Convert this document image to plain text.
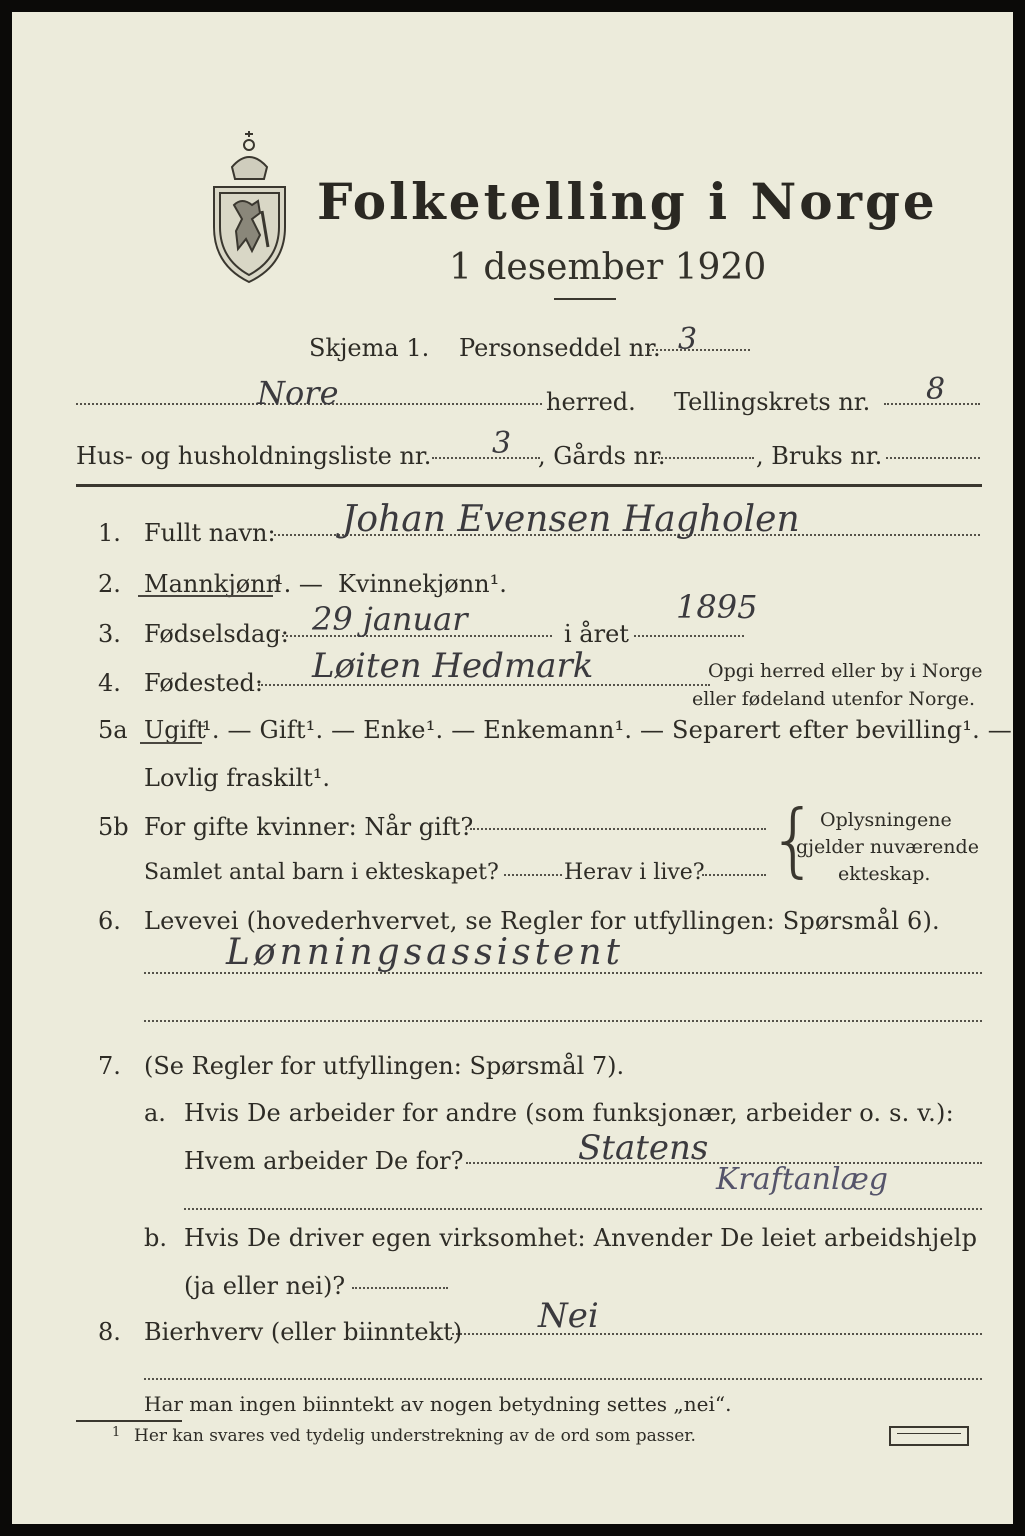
Folketelling i Norge
1 desember 1920
Skjema 1. Personseddel nr. 3
Nore	herred. Tellingskrets nr. 8
Hus- og husholdningsliste nr. 3 , Gårds nr.	, Bruks nr.
1. Fullt navn: Johan Evensen Hagholen
2. Mannkjønn
¹. — Kvinnekjønn¹.
3. Fødselsdag: 29 januar	i året
1895
4. Fødested: Løiten Hedmark	Opgi herred eller by i Norge
eller fødeland utenfor Norge.
5a Ugift
¹. — Gift¹. — Enke¹. — Enkemann¹. — Separert efter bevilling¹. —
Lovlig fraskilt¹.
5b For gifte kvinner: Når gift?
Samlet antal barn i ekteskapet?	Herav i live? { Oplysningene
gjelder nuværende
ekteskap.
6. Levevei (hovederhvervet, se Regler for utfyllingen: Spørsmål 6).
Lønningsassistent
7. (Se Regler for utfyllingen: Spørsmål 7).
a. Hvis De arbeider for andre (som funksjonær, arbeider o. s. v.):
Hvem arbeider De for?	Statens
Kraftanlæg
b. Hvis De driver egen virksomhet: Anvender De leiet arbeidshjelp
(ja eller nei)?
8. Bierhverv (eller biinntekt) Nei
Har man ingen biinntekt av nogen betydning settes „nei“.
1 Her kan svares ved tydelig understrekning av de ord som passer.
